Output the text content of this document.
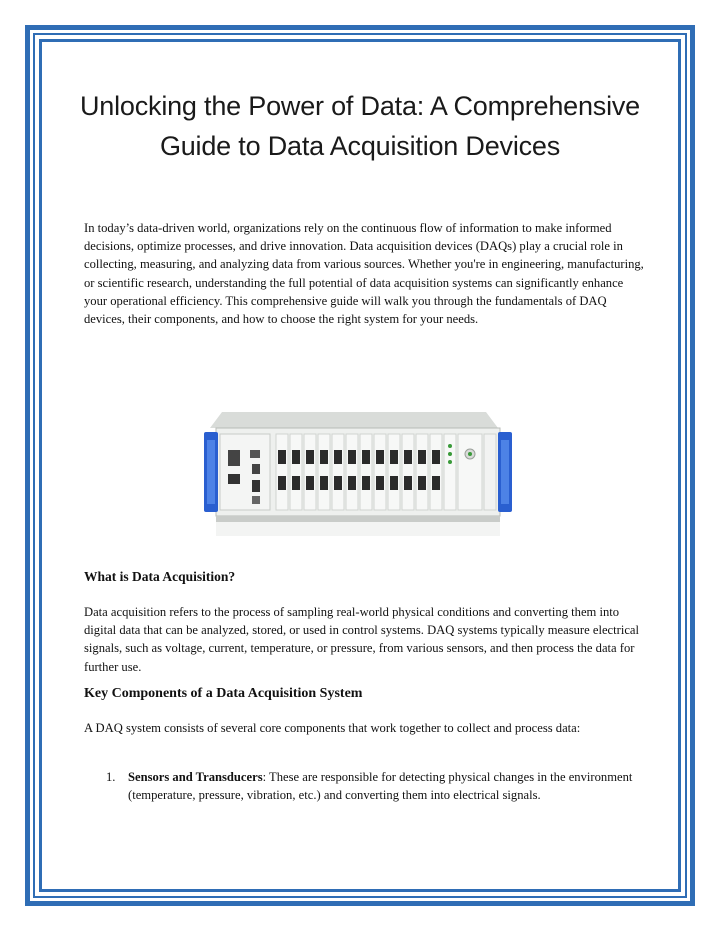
Unlocking the Power of Data: A Comprehensive Guide to Data Acquisition Devices

In today’s data-driven world, organizations rely on the continuous flow of information to make informed decisions, optimize processes, and drive innovation. Data acquisition devices (DAQs) play a crucial role in collecting, measuring, and analyzing data from various sources. Whether you're in engineering, manufacturing, or scientific research, understanding the full potential of data acquisition systems can significantly enhance your operational efficiency. This comprehensive guide will walk you through the fundamentals of DAQ devices, their components, and how to choose the right system for your needs.

What is Data Acquisition?

Data acquisition refers to the process of sampling real-world physical conditions and converting them into digital data that can be analyzed, stored, or used in control systems. DAQ systems typically measure electrical signals, such as voltage, current, temperature, or pressure, from various sensors, and then process the data for further use.

Key Components of a Data Acquisition System

A DAQ system consists of several core components that work together to collect and process data:

1. Sensors and Transducers: These are responsible for detecting physical changes in the environment (temperature, pressure, vibration, etc.) and converting them into electrical signals.
